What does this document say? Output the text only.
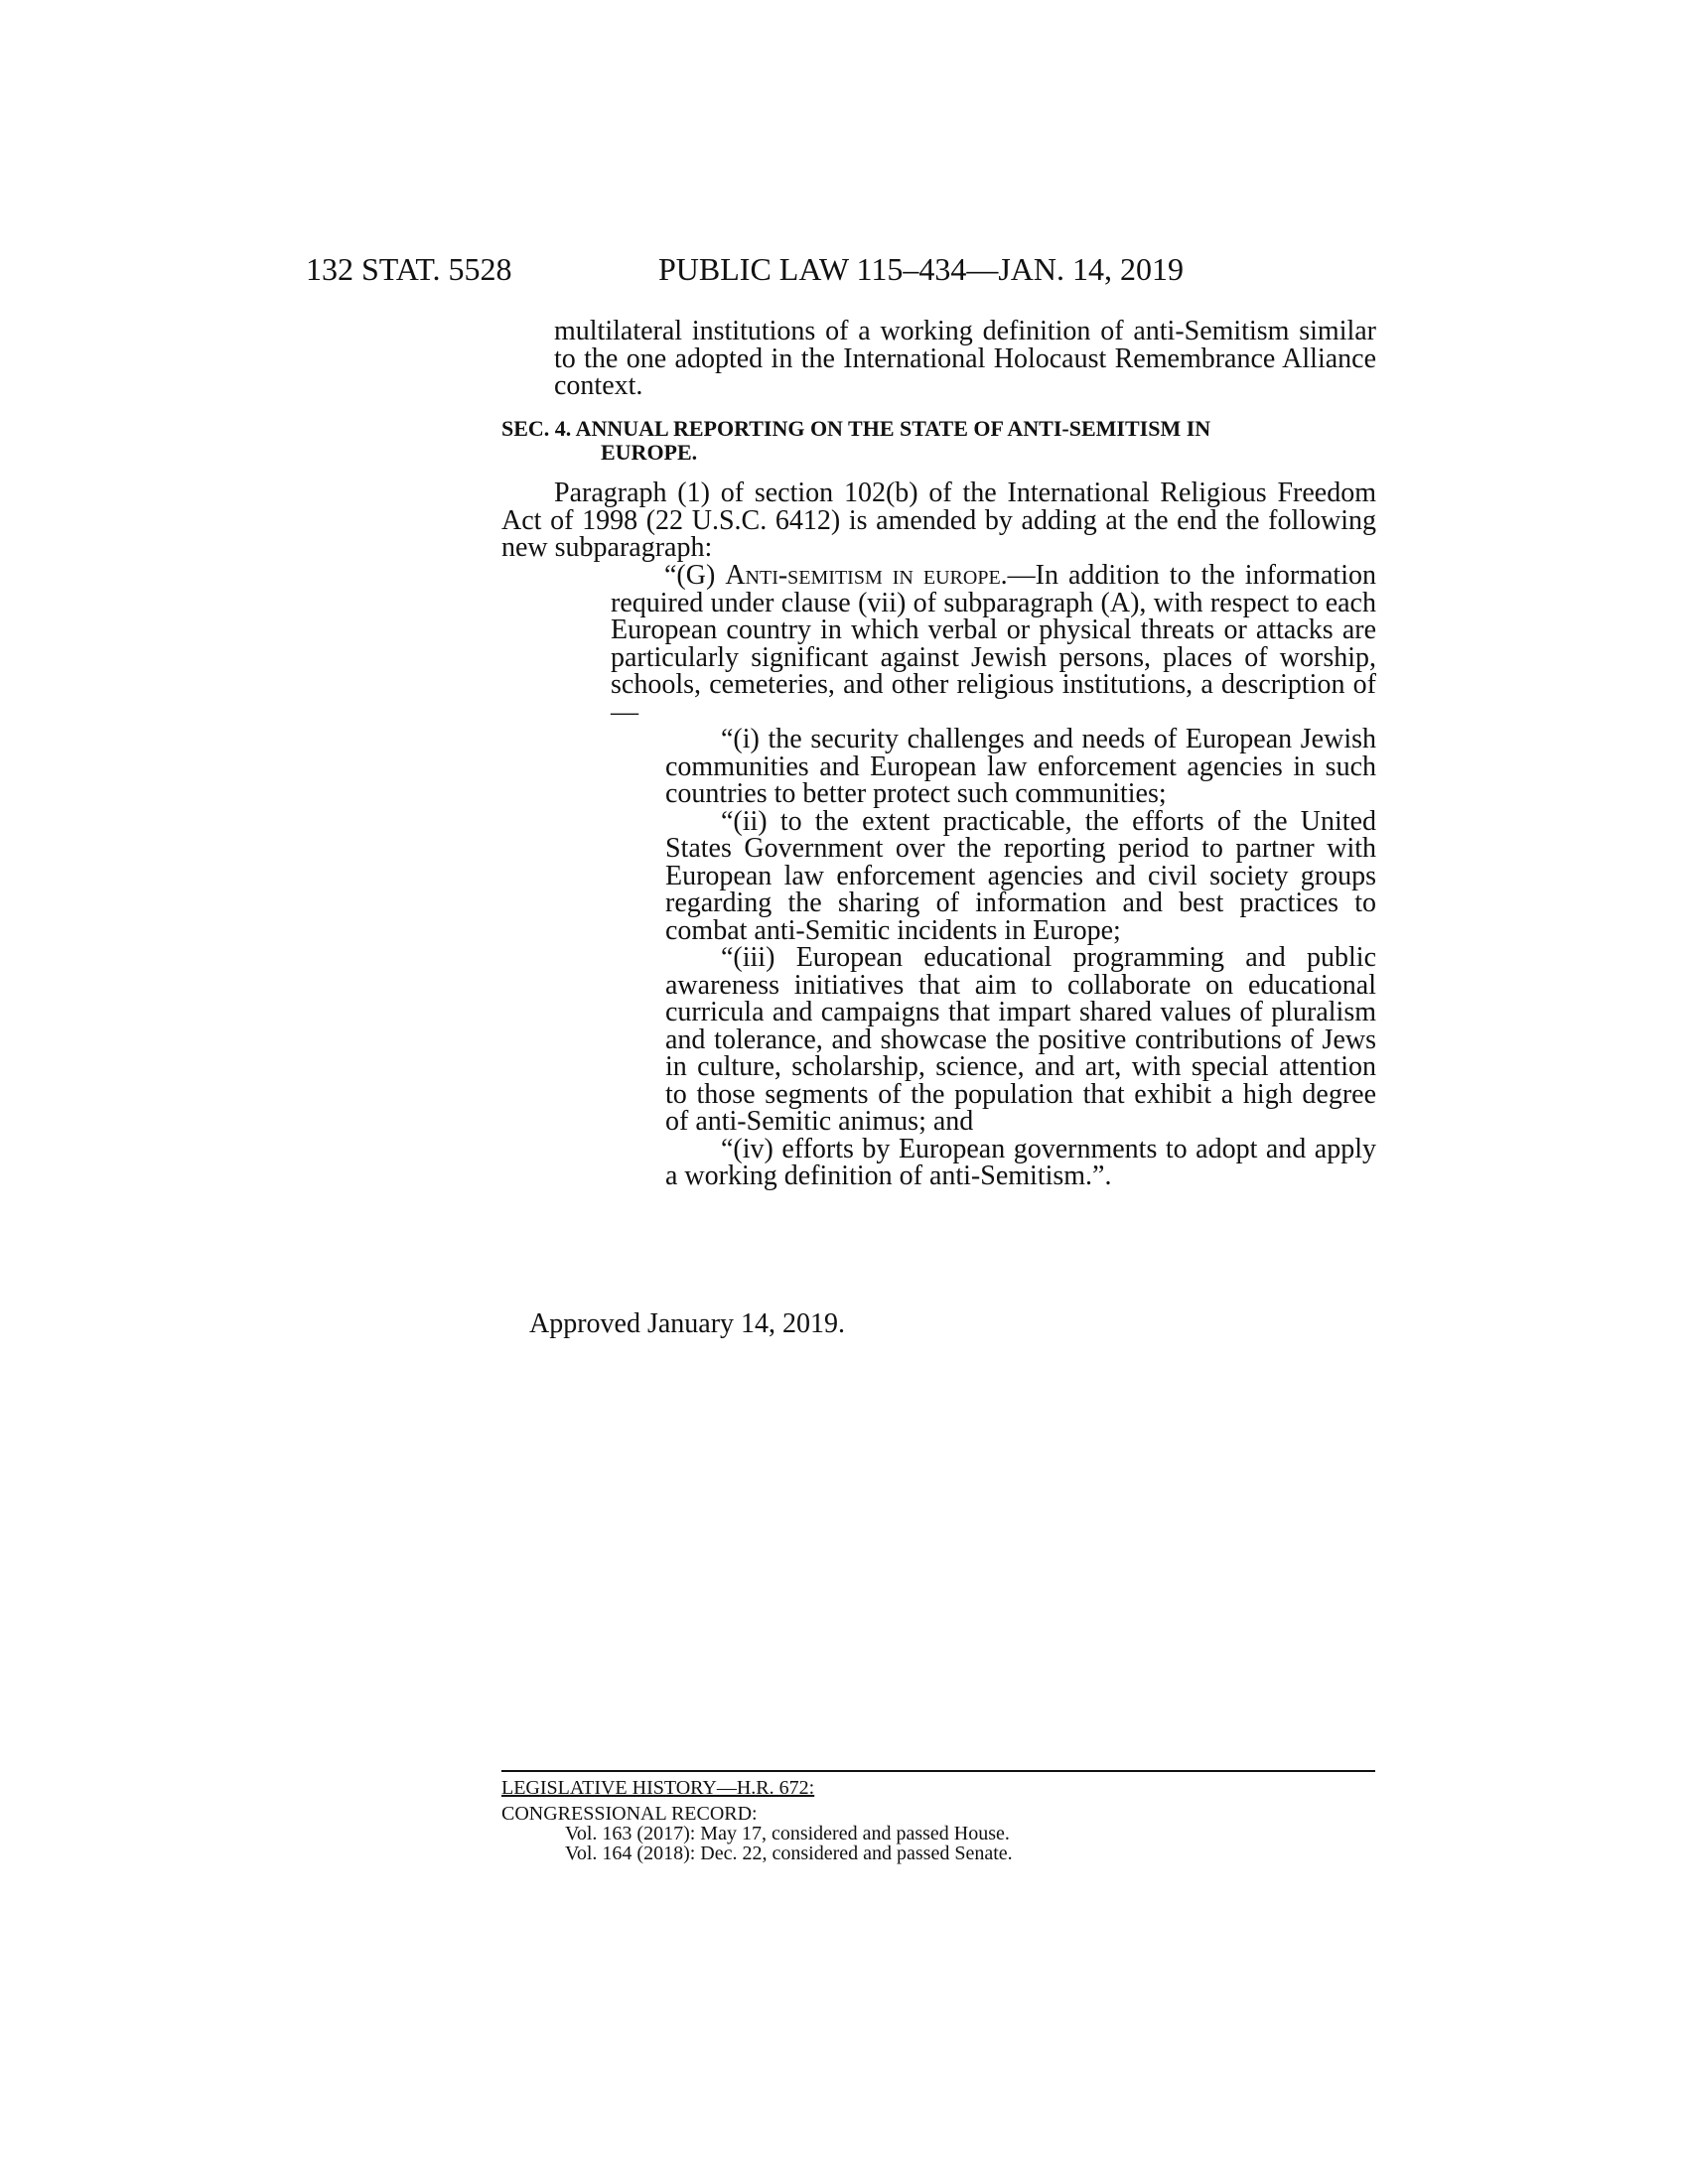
132 STAT. 5528	PUBLIC LAW 115–434—JAN. 14, 2019
multilateral institutions of a working definition of anti-Semitism similar to the one adopted in the International Holocaust Remembrance Alliance context.
SEC. 4. ANNUAL REPORTING ON THE STATE OF ANTI-SEMITISM IN
EUROPE.
Paragraph (1) of section 102(b) of the International Religious Freedom Act of 1998 (22 U.S.C. 6412) is amended by adding at the end the following new subparagraph:
“(G) Anti-semitism in europe.—In addition to the information required under clause (vii) of subparagraph (A), with respect to each European country in which verbal or physical threats or attacks are particularly significant against Jewish persons, places of worship, schools, cemeteries, and other religious institutions, a description of—
“(i) the security challenges and needs of European Jewish communities and European law enforcement agencies in such countries to better protect such communities;
“(ii) to the extent practicable, the efforts of the United States Government over the reporting period to partner with European law enforcement agencies and civil society groups regarding the sharing of information and best practices to combat anti-Semitic incidents in Europe;
“(iii) European educational programming and public awareness initiatives that aim to collaborate on educational curricula and campaigns that impart shared values of pluralism and tolerance, and showcase the positive contributions of Jews in culture, scholarship, science, and art, with special attention to those segments of the population that exhibit a high degree of anti-Semitic animus; and
“(iv) efforts by European governments to adopt and apply a working definition of anti-Semitism.”.
Approved January 14, 2019.
LEGISLATIVE HISTORY—H.R. 672:
CONGRESSIONAL RECORD:
Vol. 163 (2017): May 17, considered and passed House.
Vol. 164 (2018): Dec. 22, considered and passed Senate.
